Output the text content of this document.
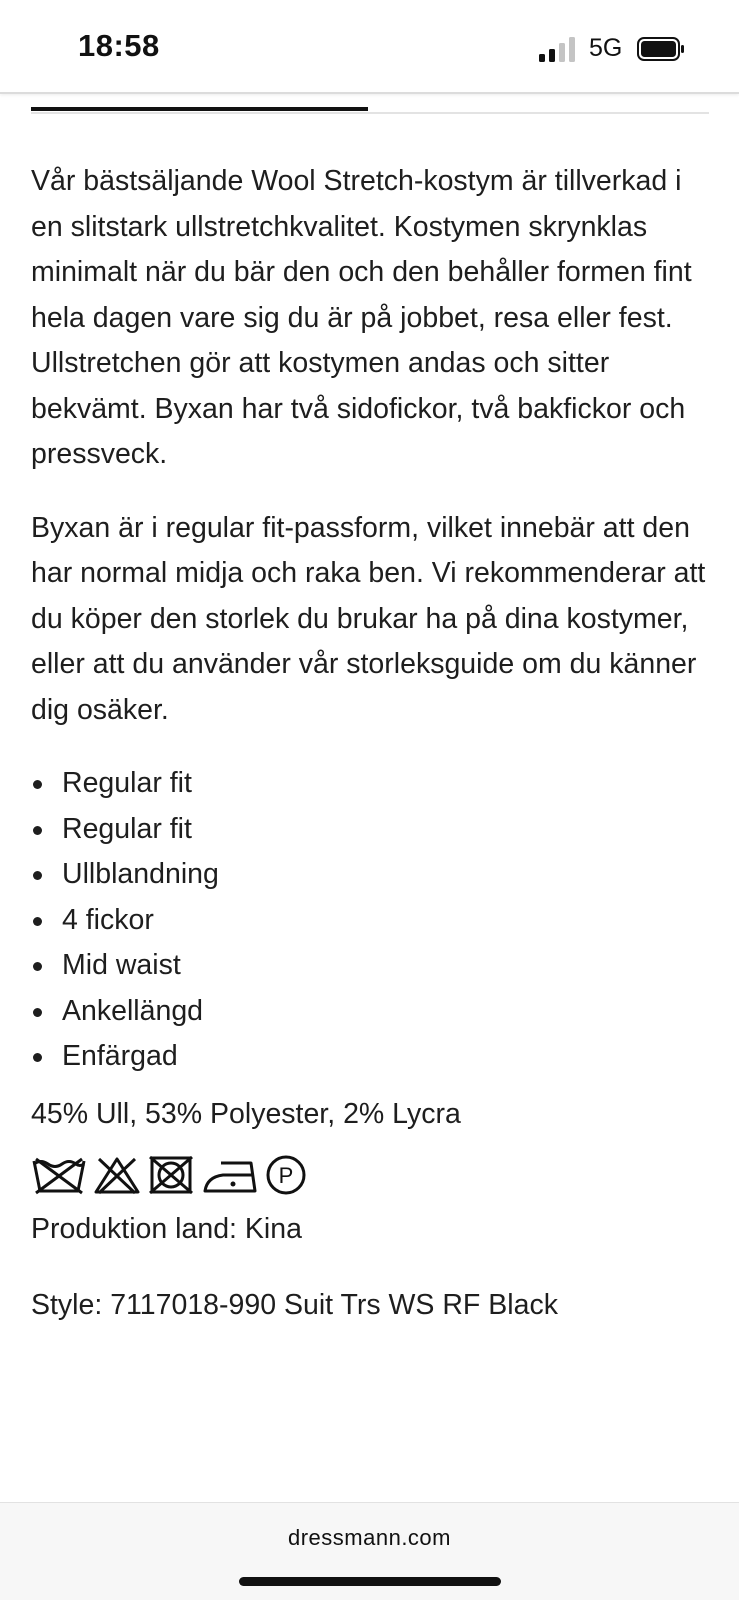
18:58	5G

Vår bästsäljande Wool Stretch-kostym är tillverkad i en slitstark ullstretchkvalitet. Kostymen skrynklas minimalt när du bär den och den behåller formen fint hela dagen vare sig du är på jobbet, resa eller fest. Ullstretchen gör att kostymen andas och sitter bekvämt. Byxan har två sidofickor, två bakfickor och pressveck.

Byxan är i regular fit-passform, vilket innebär att den har normal midja och raka ben. Vi rekommenderar att du köper den storlek du brukar ha på dina kostymer, eller att du använder vår storleksguide om du känner dig osäker.

Regular fit
Regular fit
Ullblandning
4 fickor
Mid waist
Ankellängd
Enfärgad
45% Ull, 53% Polyester, 2% Lycra
P
Produktion land: Kina
Style: 7117018-990 Suit Trs WS RF Black
dressmann.com
